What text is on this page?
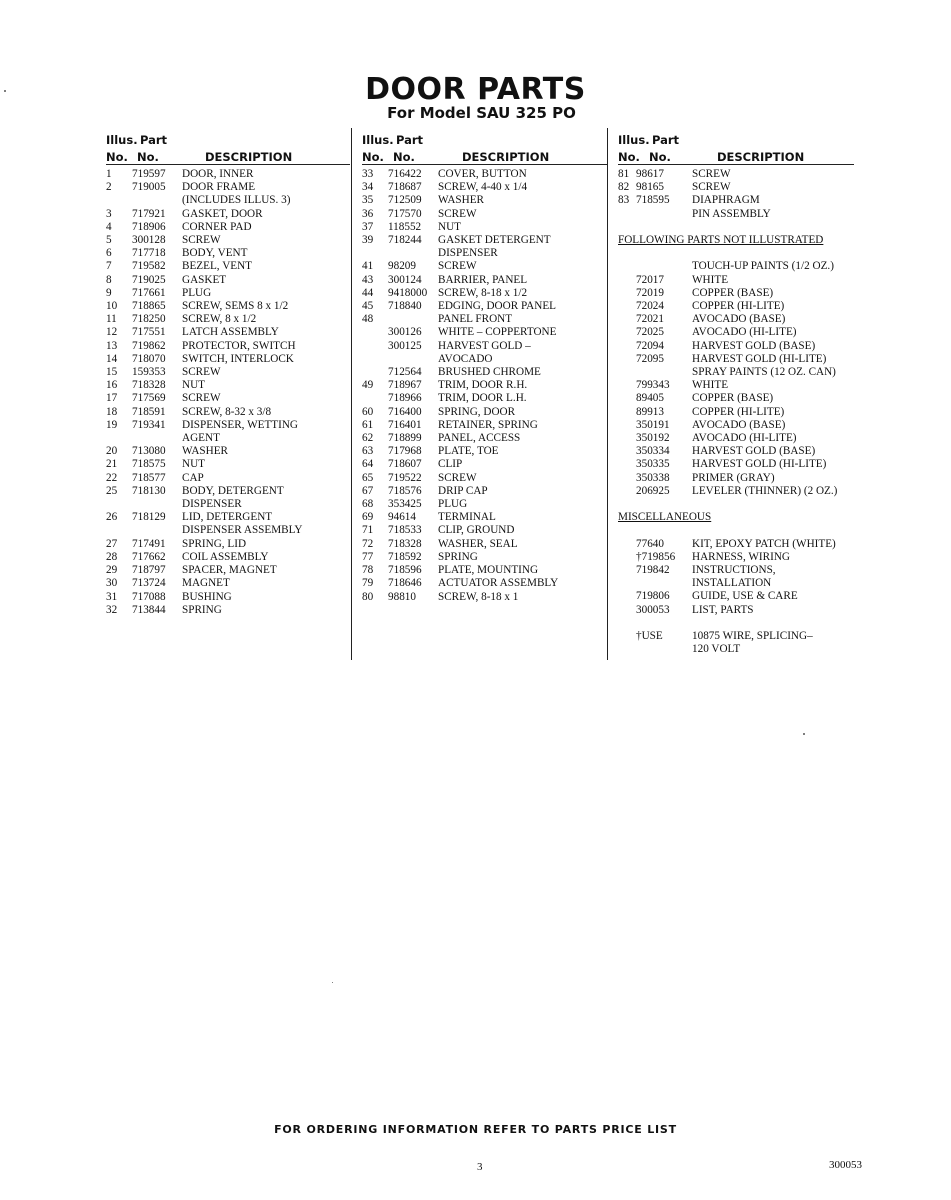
DOOR PARTS
For Model SAU 325 PO
Illus. Part
No. No.	DESCRIPTION
1	719597	DOOR, INNER
2	719005	DOOR FRAME
(INCLUDES ILLUS. 3)
3	717921	GASKET, DOOR
4	718906	CORNER PAD
5	300128	SCREW
6	717718	BODY, VENT
7	719582	BEZEL, VENT
8	719025	GASKET
9	717661	PLUG
10	718865	SCREW, SEMS 8 x 1/2
11	718250	SCREW, 8 x 1/2
12	717551	LATCH ASSEMBLY
13	719862	PROTECTOR, SWITCH
14	718070	SWITCH, INTERLOCK
15	159353	SCREW
16	718328	NUT
17	717569	SCREW
18	718591	SCREW, 8-32 x 3/8
19	719341	DISPENSER, WETTING
AGENT
20	713080	WASHER
21	718575	NUT
22	718577	CAP
25	718130	BODY, DETERGENT
DISPENSER
26	718129	LID, DETERGENT
DISPENSER ASSEMBLY
27	717491	SPRING, LID
28	717662	COIL ASSEMBLY
29	718797	SPACER, MAGNET
30	713724	MAGNET
31	717088	BUSHING
32	713844	SPRING
Illus. Part
No. No.	DESCRIPTION
33	716422	COVER, BUTTON
34	718687	SCREW, 4-40 x 1/4
35	712509	WASHER
36	717570	SCREW
37	118552	NUT
39	718244	GASKET DETERGENT
DISPENSER
41	98209	SCREW
43	300124	BARRIER, PANEL
44	9418000 SCREW, 8-18 x 1/2
45	718840	EDGING, DOOR PANEL
48	PANEL FRONT
300126	WHITE – COPPERTONE
300125	HARVEST GOLD –
AVOCADO
712564	BRUSHED CHROME
49	718967	TRIM, DOOR R.H.
718966	TRIM, DOOR L.H.
60	716400	SPRING, DOOR
61	716401	RETAINER, SPRING
62	718899	PANEL, ACCESS
63	717968	PLATE, TOE
64	718607	CLIP
65	719522	SCREW
67	718576	DRIP CAP
68	353425	PLUG
69	94614	TERMINAL
71	718533	CLIP, GROUND
72	718328	WASHER, SEAL
77	718592	SPRING
78	718596	PLATE, MOUNTING
79	718646	ACTUATOR ASSEMBLY
80	98810	SCREW, 8-18 x 1
Illus. Part
No. No.	DESCRIPTION
81 98617	SCREW
82 98165	SCREW
83 718595	DIAPHRAGM
PIN ASSEMBLY
FOLLOWING PARTS NOT ILLUSTRATED
TOUCH-UP PAINTS (1/2 OZ.)
72017	WHITE
72019	COPPER (BASE)
72024	COPPER (HI-LITE)
72021	AVOCADO (BASE)
72025	AVOCADO (HI-LITE)
72094	HARVEST GOLD (BASE)
72095	HARVEST GOLD (HI-LITE)
SPRAY PAINTS (12 OZ. CAN)
799343	WHITE
89405	COPPER (BASE)
89913	COPPER (HI-LITE)
350191	AVOCADO (BASE)
350192	AVOCADO (HI-LITE)
350334	HARVEST GOLD (BASE)
350335	HARVEST GOLD (HI-LITE)
350338	PRIMER (GRAY)
206925	LEVELER (THINNER) (2 OZ.)
MISCELLANEOUS
77640	KIT, EPOXY PATCH (WHITE)
†719856	HARNESS, WIRING
719842	INSTRUCTIONS,
INSTALLATION
719806	GUIDE, USE & CARE
300053	LIST, PARTS
†USE	10875 WIRE, SPLICING–
120 VOLT
FOR ORDERING INFORMATION REFER TO PARTS PRICE LIST
3	300053
